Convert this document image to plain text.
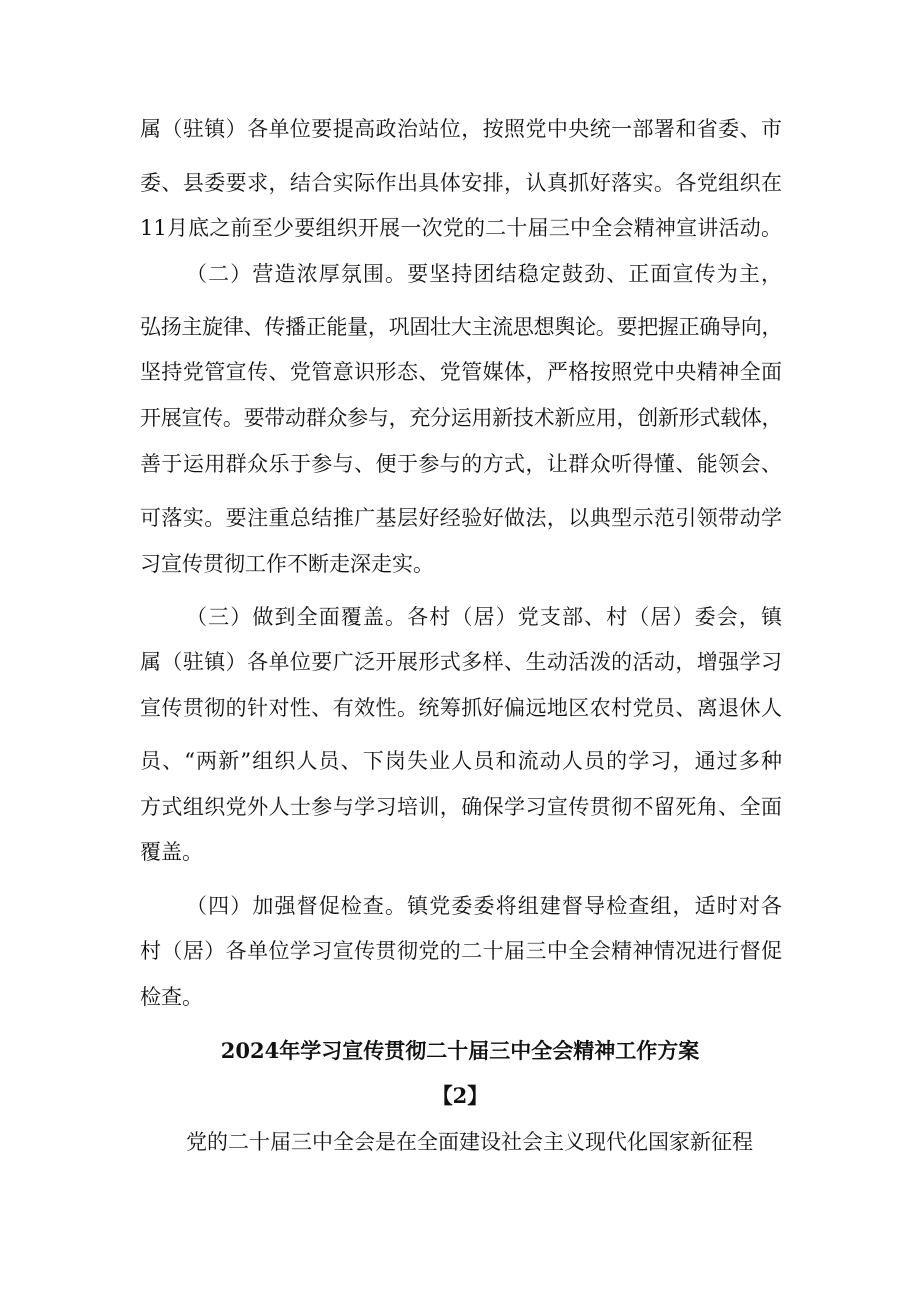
属（驻镇）各单位要提高政治站位，按照党中央统一部署和省委、市
委、县委要求，结合实际作出具体安排，认真抓好落实。各党组织在
11月底之前至少要组织开展一次党的二十届三中全会精神宣讲活动。
（二）营造浓厚氛围。要坚持团结稳定鼓劲、正面宣传为主，
弘扬主旋律、传播正能量，巩固壮大主流思想舆论。要把握正确导向，
坚持党管宣传、党管意识形态、党管媒体，严格按照党中央精神全面
开展宣传。要带动群众参与，充分运用新技术新应用，创新形式载体，
善于运用群众乐于参与、便于参与的方式，让群众听得懂、能领会、
可落实。要注重总结推广基层好经验好做法，以典型示范引领带动学
习宣传贯彻工作不断走深走实。
（三）做到全面覆盖。各村（居）党支部、村（居）委会，镇
属（驻镇）各单位要广泛开展形式多样、生动活泼的活动，增强学习
宣传贯彻的针对性、有效性。统筹抓好偏远地区农村党员、离退休人
员、“两新”组织人员、下岗失业人员和流动人员的学习，通过多种
方式组织党外人士参与学习培训，确保学习宣传贯彻不留死角、全面
覆盖。
（四）加强督促检查。镇党委委将组建督导检查组，适时对各
村（居）各单位学习宣传贯彻党的二十届三中全会精神情况进行督促
检查。
2024年学习宣传贯彻二十届三中全会精神工作方案
【2】
党的二十届三中全会是在全面建设社会主义现代化国家新征程
